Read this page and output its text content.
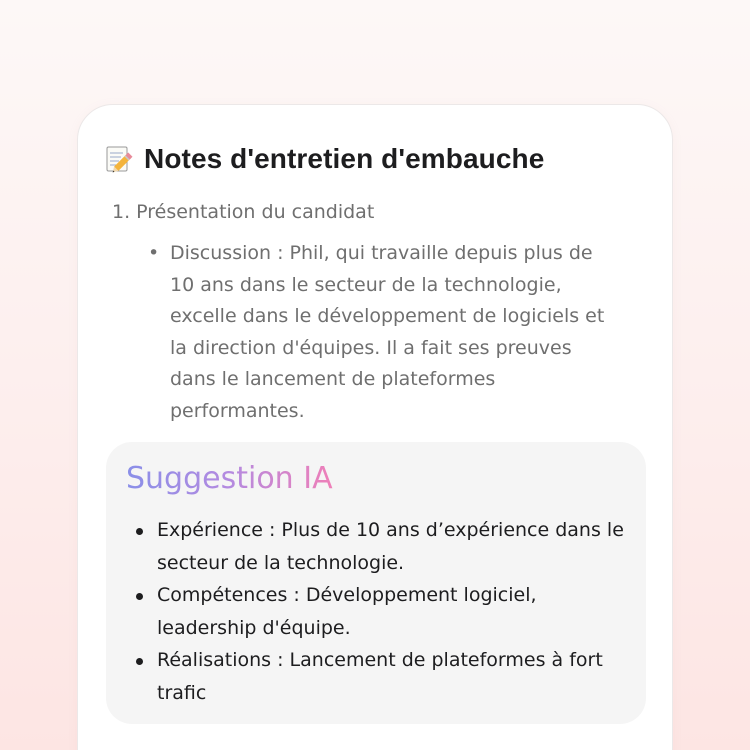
Notes d'entretien d'embauche
1. Présentation du candidat
• Discussion : Phil, qui travaille depuis plus de 10 ans dans le secteur de la technologie, excelle dans le développement de logiciels et la direction d'équipes. Il a fait ses preuves dans le lancement de plateformes performantes.
Suggestion IA
Expérience : Plus de 10 ans d’expérience dans le secteur de la technologie.
Compétences : Développement logiciel, leadership d'équipe.
Réalisations : Lancement de plateformes à fort trafic
